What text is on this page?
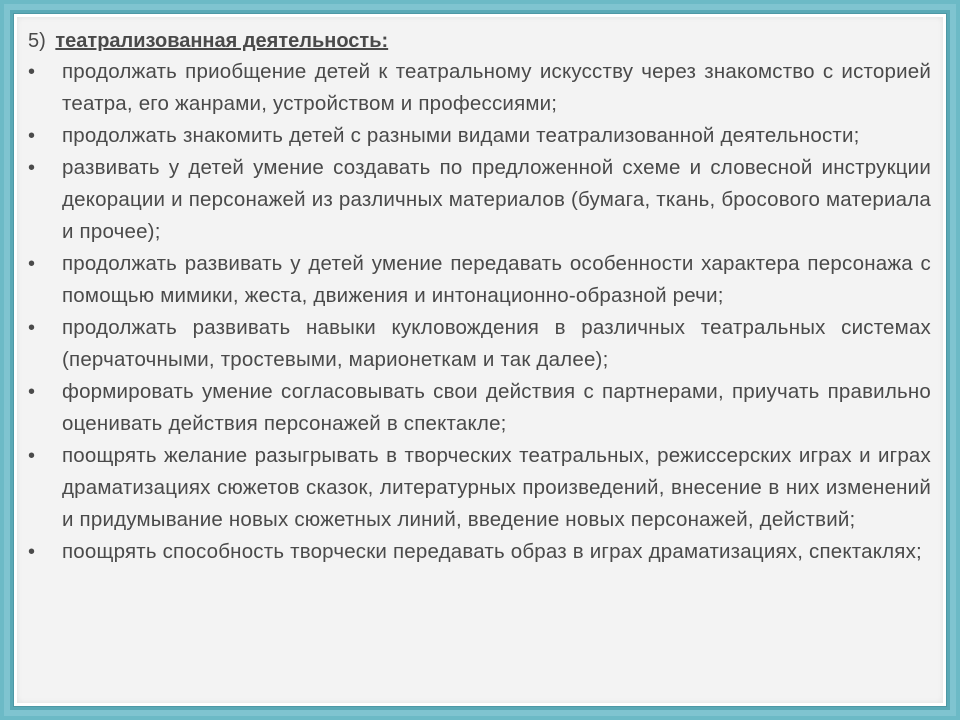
5) театрализованная деятельность:
• продолжать приобщение детей к театральному искусству через знакомство с историей театра, его жанрами, устройством и профессиями;
• продолжать знакомить детей с разными видами театрализованной деятельности;
• развивать у детей умение создавать по предложенной схеме и словесной инструкции декорации и персонажей из различных материалов (бумага, ткань, бросового материала и прочее);
• продолжать развивать у детей умение передавать особенности характера персонажа с помощью мимики, жеста, движения и интонационно-образной речи;
• продолжать развивать навыки кукловождения в различных театральных системах (перчаточными, тростевыми, марионеткам и так далее);
• формировать умение согласовывать свои действия с партнерами, приучать правильно оценивать действия персонажей в спектакле;
• поощрять желание разыгрывать в творческих театральных, режиссерских играх и играх драматизациях сюжетов сказок, литературных произведений, внесение в них изменений и придумывание новых сюжетных линий, введение новых персонажей, действий;
• поощрять способность творчески передавать образ в играх драматизациях, спектаклях;
